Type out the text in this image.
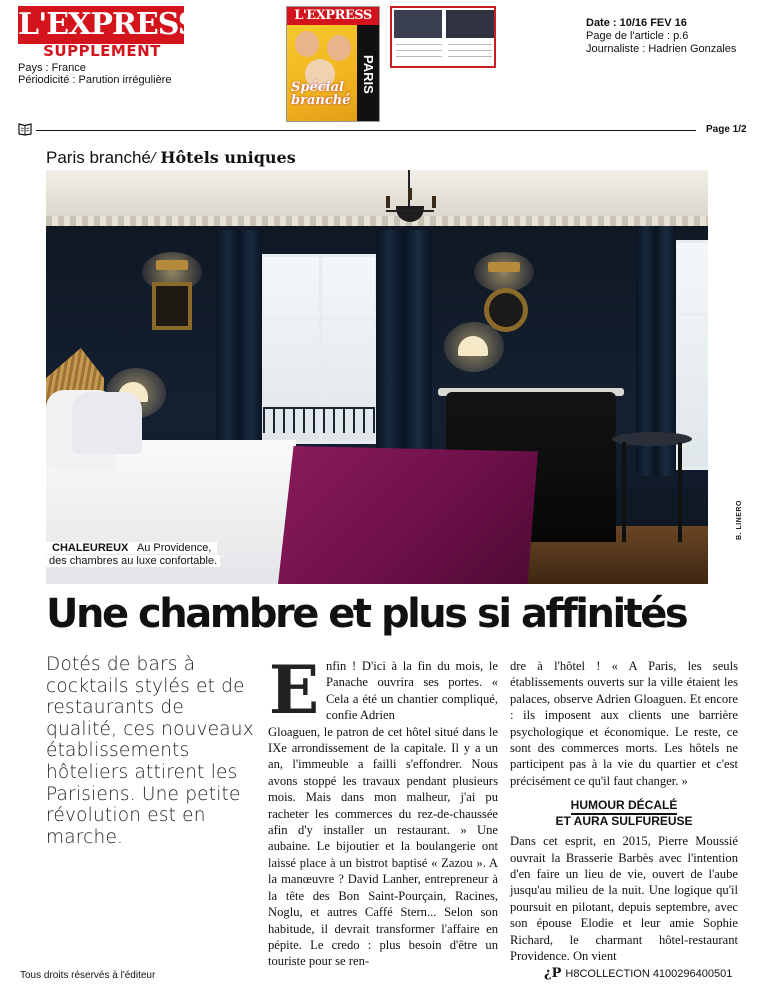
L'EXPRESS
SUPPLEMENT
Pays : France
Périodicité : Parution irrégulière
L'EXPRESS
Spécial branché
PARIS
Date : 10/16 FEV 16
Page de l'article : p.6
Journaliste : Hadrien Gonzales
Page 1/2
Paris branché/ Hôtels uniques
CHALEUREUX Au Providence,
des chambres au luxe confortable.
B. LINERO
Une chambre et plus si affinités
Dotés de bars à cocktails stylés et de restaurants de qualité, ces nouveaux établissements hôteliers attirent les Parisiens. Une petite révolution est en marche.
E nfin ! D'ici à la fin du mois, le Panache ouvrira ses portes. « Cela a été un chantier compliqué, confie Adrien

Gloaguen, le patron de cet hôtel situé dans le IXe arrondissement de la capitale. Il y a un an, l'immeuble a failli s'effondrer. Nous avons stoppé les travaux pendant plusieurs mois. Mais dans mon malheur, j'ai pu racheter les commerces du rez-de-chaussée afin d'y installer un restaurant. » Une aubaine. Le bijoutier et la boulangerie ont laissé place à un bistrot baptisé « Zazou ». A la manœuvre ? David Lanher, entrepreneur à la tête des Bon Saint-Pourçain, Racines, Noglu, et autres Caffé Stern... Selon son habitude, il devrait transformer l'affaire en pépite. Le credo : plus besoin d'être un touriste pour se ren-

dre à l'hôtel ! « A Paris, les seuls établissements ouverts sur la ville étaient les palaces, observe Adrien Gloaguen. Et encore : ils imposent aux clients une barrière psychologique et économique. Le reste, ce sont des commerces morts. Les hôtels ne participent pas à la vie du quartier et c'est précisément ce qu'il faut changer. »

HUMOUR DÉCALÉ
ET AURA SULFUREUSE

Dans cet esprit, en 2015, Pierre Moussié ouvrait la Brasserie Barbès avec l'intention d'en faire un lieu de vie, ouvert de l'aube jusqu'au milieu de la nuit. Une logique qu'il poursuit en pilotant, depuis septembre, avec son épouse Elodie et leur amie Sophie Richard, le charmant hôtel-restaurant Providence. On vient

Tous droits réservés à l'éditeur	¿P H8COLLECTION 4100296400501
